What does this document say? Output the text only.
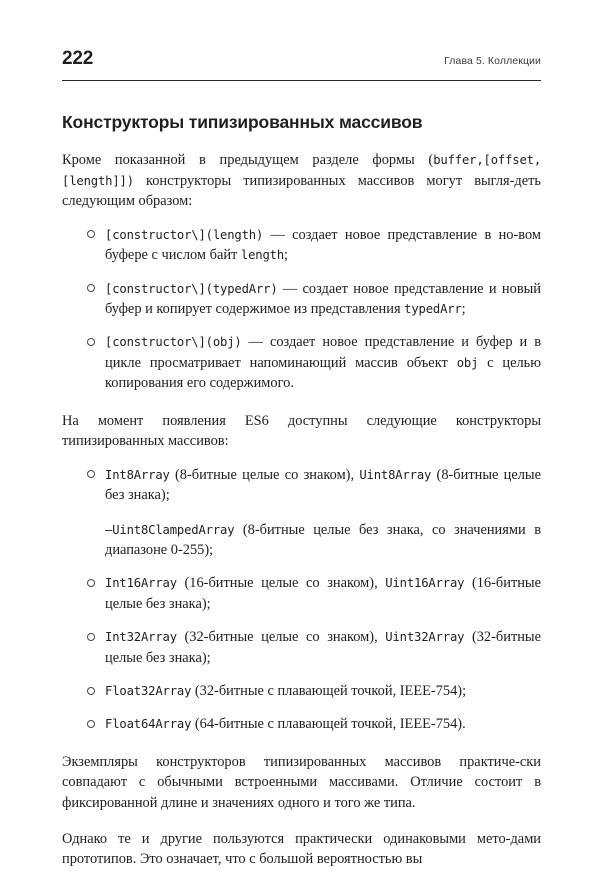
222	Глава 5. Коллекции
Конструкторы типизированных массивов

Кроме показанной в предыдущем разделе формы (buffer,[offset, [length]]) конструкторы типизированных массивов могут выгля-деть следующим образом:

[constructor\](length) — создает новое представление в но-вом буфере с числом байт length;
[constructor\](typedArr) — создает новое представление и новый буфер и копирует содержимое из представления typedArr;
[constructor\](obj) — создает новое представление и буфер и в цикле просматривает напоминающий массив объект obj с целью копирования его содержимого.

На момент появления ES6 доступны следующие конструкторы типизированных массивов:

Int8Array (8-битные целые со знаком), Uint8Array (8-битные целые без знака);
–Uint8ClampedArray (8-битные целые без знака, со значениями в диапазоне 0-255);
Int16Array (16-битные целые со знаком), Uint16Array (16-битные целые без знака);
Int32Array (32-битные целые со знаком), Uint32Array (32-битные целые без знака);
Float32Array (32-битные с плавающей точкой, IEEE-754);
Float64Array (64-битные с плавающей точкой, IEEE-754).

Экземпляры конструкторов типизированных массивов практиче-ски совпадают с обычными встроенными массивами. Отличие состоит в фиксированной длине и значениях одного и того же типа.

Однако те и другие пользуются практически одинаковыми мето-дами прототипов. Это означает, что с большой вероятностью вы
